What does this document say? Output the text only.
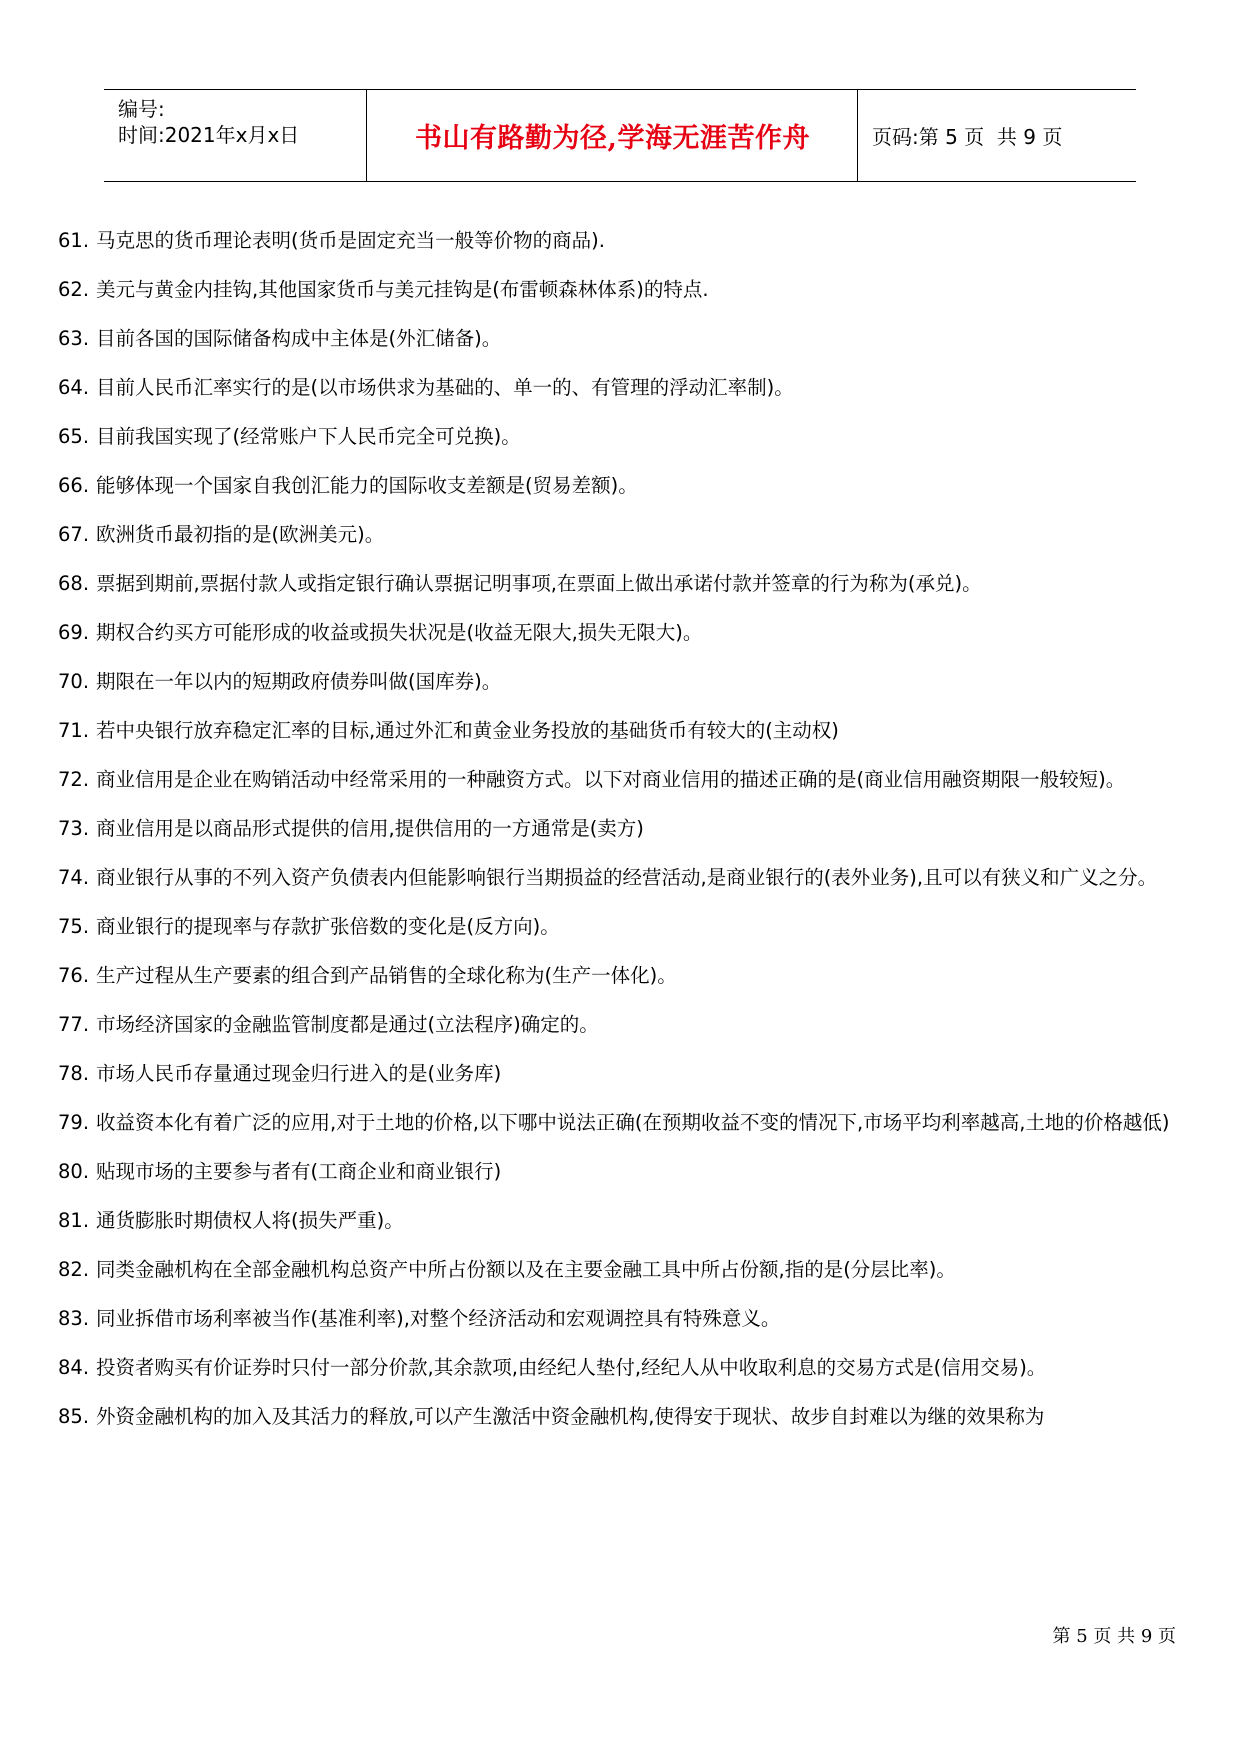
编号:
时间:2021年x月x日	书山有路勤为径,学海无涯苦作舟	页码:第 5 页  共 9 页
61. 马克思的货币理论表明(货币是固定充当一般等价物的商品).
62. 美元与黄金内挂钩,其他国家货币与美元挂钩是(布雷顿森林体系)的特点.
63. 目前各国的国际储备构成中主体是(外汇储备)。
64. 目前人民币汇率实行的是(以市场供求为基础的、单一的、有管理的浮动汇率制)。
65. 目前我国实现了(经常账户下人民币完全可兑换)。
66. 能够体现一个国家自我创汇能力的国际收支差额是(贸易差额)。
67. 欧洲货币最初指的是(欧洲美元)。
68. 票据到期前,票据付款人或指定银行确认票据记明事项,在票面上做出承诺付款并签章的行为称为(承兑)。
69. 期权合约买方可能形成的收益或损失状况是(收益无限大,损失无限大)。
70. 期限在一年以内的短期政府债券叫做(国库券)。
71. 若中央银行放弃稳定汇率的目标,通过外汇和黄金业务投放的基础货币有较大的(主动权)
72. 商业信用是企业在购销活动中经常采用的一种融资方式。以下对商业信用的描述正确的是(商业信用融资期限一般较短)。
73. 商业信用是以商品形式提供的信用,提供信用的一方通常是(卖方)
74. 商业银行从事的不列入资产负债表内但能影响银行当期损益的经营活动,是商业银行的(表外业务),且可以有狭义和广义之分。
75. 商业银行的提现率与存款扩张倍数的变化是(反方向)。
76. 生产过程从生产要素的组合到产品销售的全球化称为(生产一体化)。
77. 市场经济国家的金融监管制度都是通过(立法程序)确定的。
78. 市场人民币存量通过现金归行进入的是(业务库)
79. 收益资本化有着广泛的应用,对于土地的价格,以下哪中说法正确(在预期收益不变的情况下,市场平均利率越高,土地的价格越低)
80. 贴现市场的主要参与者有(工商企业和商业银行)
81. 通货膨胀时期债权人将(损失严重)。
82. 同类金融机构在全部金融机构总资产中所占份额以及在主要金融工具中所占份额,指的是(分层比率)。
83. 同业拆借市场利率被当作(基准利率),对整个经济活动和宏观调控具有特殊意义。
84. 投资者购买有价证券时只付一部分价款,其余款项,由经纪人垫付,经纪人从中收取利息的交易方式是(信用交易)。
85. 外资金融机构的加入及其活力的释放,可以产生激活中资金融机构,使得安于现状、故步自封难以为继的效果称为
第 5 页 共 9 页
